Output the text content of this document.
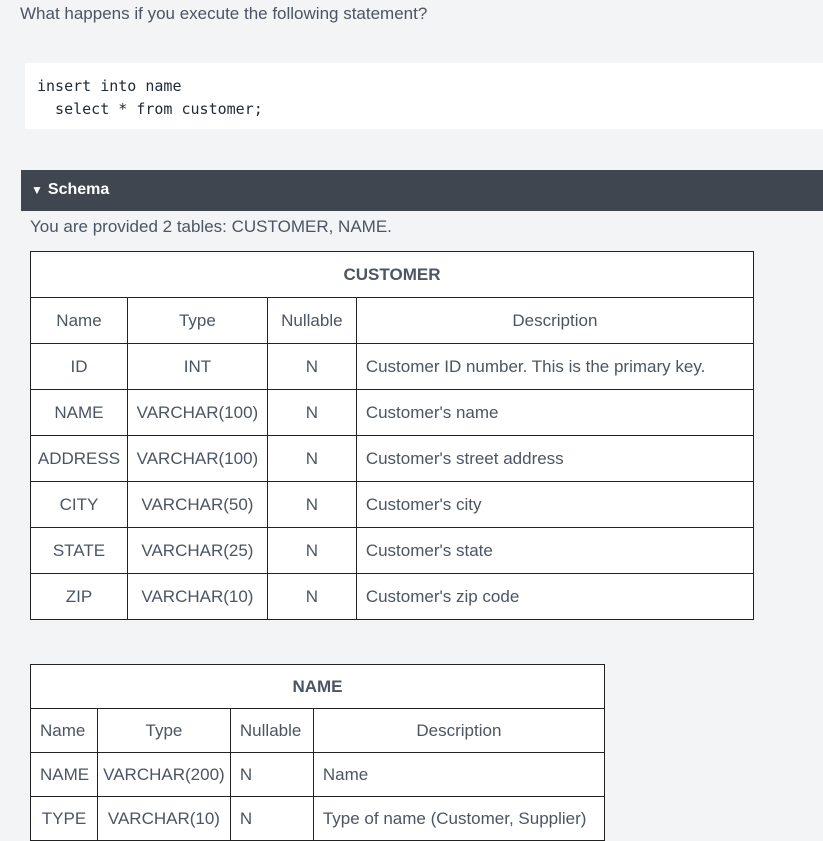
What happens if you execute the following statement?
insert into name
select * from customer;
▼ Schema
You are provided 2 tables: CUSTOMER, NAME.
CUSTOMER			
Name	Type	Nullable	Description
ID	INT	N	Customer ID number. This is the primary key.
NAME	VARCHAR(100)	N	Customer's name
ADDRESS	VARCHAR(100)	N	Customer's street address
CITY	VARCHAR(50)	N	Customer's city
STATE	VARCHAR(25)	N	Customer's state
ZIP	VARCHAR(10)	N	Customer's zip code
NAME			
Name	Type	Nullable	Description
NAME	VARCHAR(200)	N	Name
TYPE	VARCHAR(10)	N	Type of name (Customer, Supplier)
